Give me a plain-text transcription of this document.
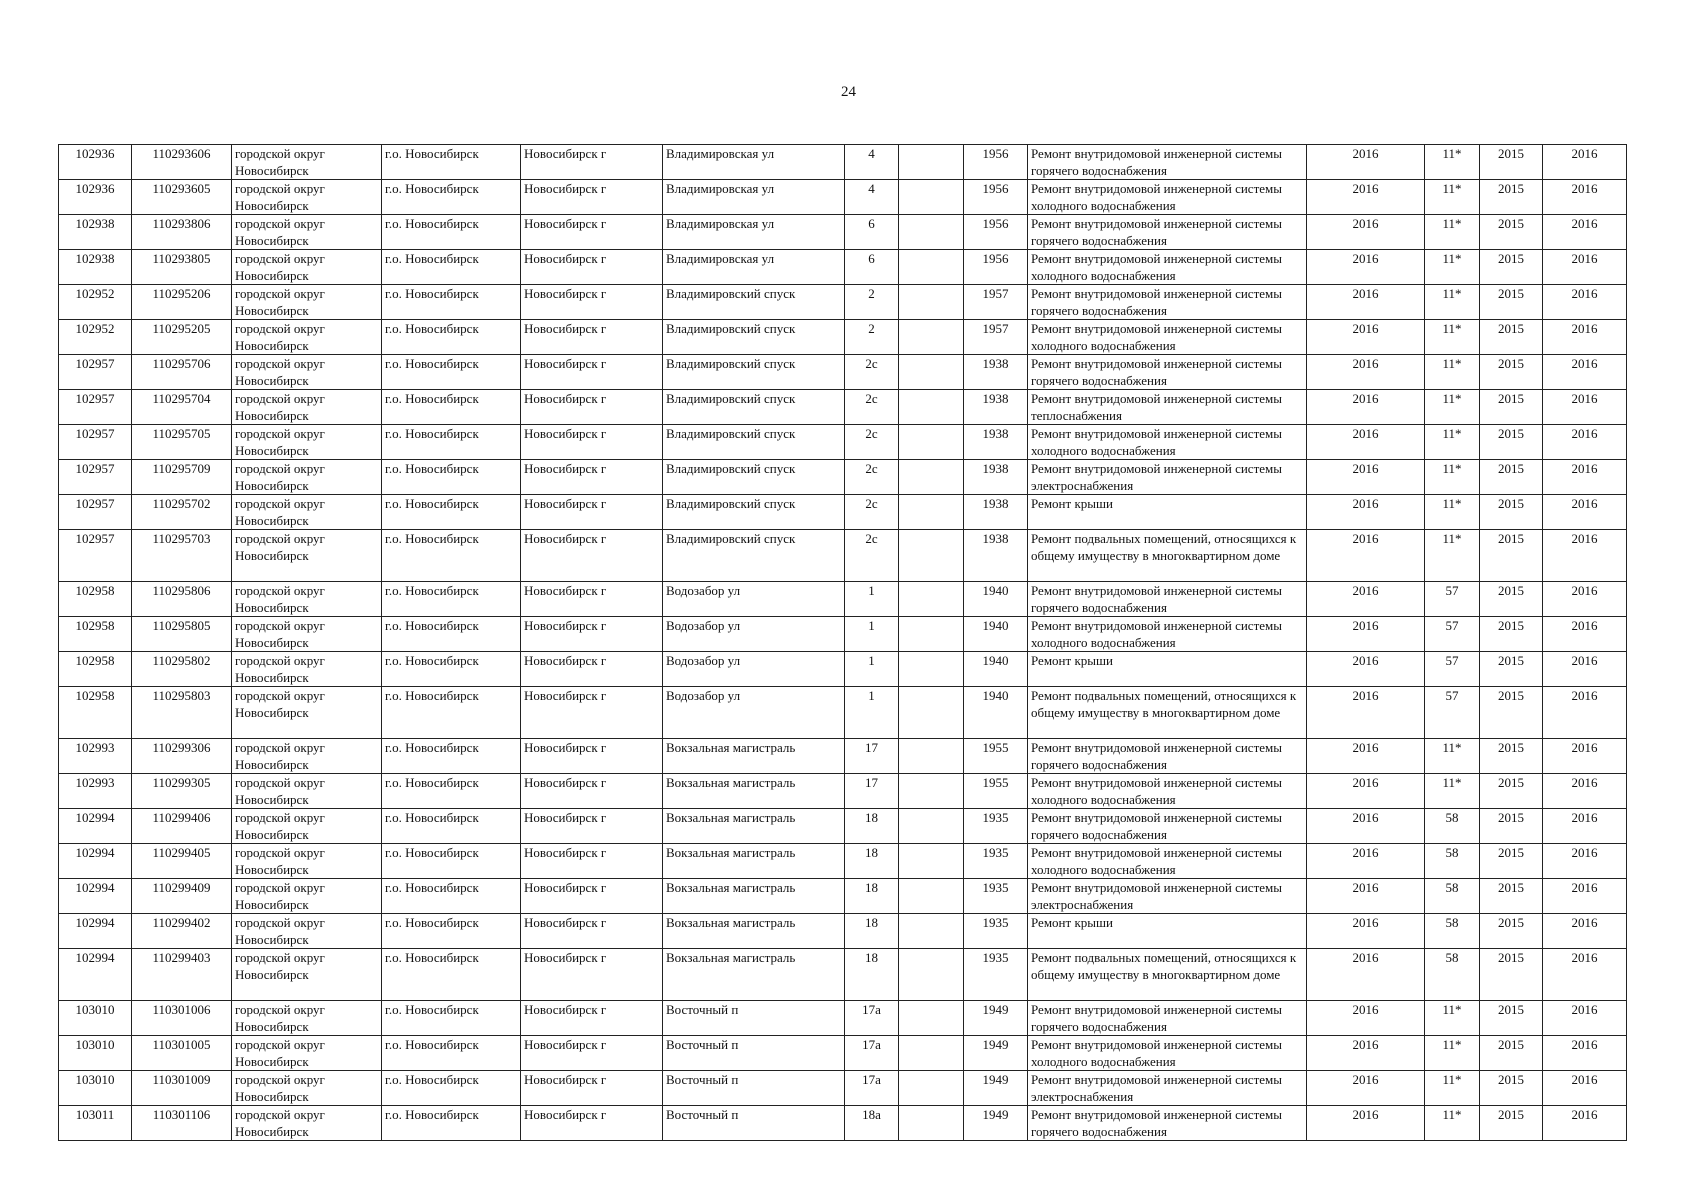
24
102936	110293606	городской округ Новосибирск	г.о. Новосибирск	Новосибирск г	Владимировская ул	4		1956	Ремонт внутридомовой инженерной системы горячего водоснабжения	2016	11*	2015	2016
102936	110293605	городской округ Новосибирск	г.о. Новосибирск	Новосибирск г	Владимировская ул	4		1956	Ремонт внутридомовой инженерной системы холодного водоснабжения	2016	11*	2015	2016
102938	110293806	городской округ Новосибирск	г.о. Новосибирск	Новосибирск г	Владимировская ул	6		1956	Ремонт внутридомовой инженерной системы горячего водоснабжения	2016	11*	2015	2016
102938	110293805	городской округ Новосибирск	г.о. Новосибирск	Новосибирск г	Владимировская ул	6		1956	Ремонт внутридомовой инженерной системы холодного водоснабжения	2016	11*	2015	2016
102952	110295206	городской округ Новосибирск	г.о. Новосибирск	Новосибирск г	Владимировский спуск	2		1957	Ремонт внутридомовой инженерной системы горячего водоснабжения	2016	11*	2015	2016
102952	110295205	городской округ Новосибирск	г.о. Новосибирск	Новосибирск г	Владимировский спуск	2		1957	Ремонт внутридомовой инженерной системы холодного водоснабжения	2016	11*	2015	2016
102957	110295706	городской округ Новосибирск	г.о. Новосибирск	Новосибирск г	Владимировский спуск	2с		1938	Ремонт внутридомовой инженерной системы горячего водоснабжения	2016	11*	2015	2016
102957	110295704	городской округ Новосибирск	г.о. Новосибирск	Новосибирск г	Владимировский спуск	2с		1938	Ремонт внутридомовой инженерной системы теплоснабжения	2016	11*	2015	2016
102957	110295705	городской округ Новосибирск	г.о. Новосибирск	Новосибирск г	Владимировский спуск	2с		1938	Ремонт внутридомовой инженерной системы холодного водоснабжения	2016	11*	2015	2016
102957	110295709	городской округ Новосибирск	г.о. Новосибирск	Новосибирск г	Владимировский спуск	2с		1938	Ремонт внутридомовой инженерной системы электроснабжения	2016	11*	2015	2016
102957	110295702	городской округ Новосибирск	г.о. Новосибирск	Новосибирск г	Владимировский спуск	2с		1938	Ремонт крыши	2016	11*	2015	2016
102957	110295703	городской округ Новосибирск	г.о. Новосибирск	Новосибирск г	Владимировский спуск	2с		1938	Ремонт подвальных помещений, относящихся к общему имуществу в многоквартирном доме	2016	11*	2015	2016
102958	110295806	городской округ Новосибирск	г.о. Новосибирск	Новосибирск г	Водозабор ул	1		1940	Ремонт внутридомовой инженерной системы горячего водоснабжения	2016	57	2015	2016
102958	110295805	городской округ Новосибирск	г.о. Новосибирск	Новосибирск г	Водозабор ул	1		1940	Ремонт внутридомовой инженерной системы холодного водоснабжения	2016	57	2015	2016
102958	110295802	городской округ Новосибирск	г.о. Новосибирск	Новосибирск г	Водозабор ул	1		1940	Ремонт крыши	2016	57	2015	2016
102958	110295803	городской округ Новосибирск	г.о. Новосибирск	Новосибирск г	Водозабор ул	1		1940	Ремонт подвальных помещений, относящихся к общему имуществу в многоквартирном доме	2016	57	2015	2016
102993	110299306	городской округ Новосибирск	г.о. Новосибирск	Новосибирск г	Вокзальная магистраль	17		1955	Ремонт внутридомовой инженерной системы горячего водоснабжения	2016	11*	2015	2016
102993	110299305	городской округ Новосибирск	г.о. Новосибирск	Новосибирск г	Вокзальная магистраль	17		1955	Ремонт внутридомовой инженерной системы холодного водоснабжения	2016	11*	2015	2016
102994	110299406	городской округ Новосибирск	г.о. Новосибирск	Новосибирск г	Вокзальная магистраль	18		1935	Ремонт внутридомовой инженерной системы горячего водоснабжения	2016	58	2015	2016
102994	110299405	городской округ Новосибирск	г.о. Новосибирск	Новосибирск г	Вокзальная магистраль	18		1935	Ремонт внутридомовой инженерной системы холодного водоснабжения	2016	58	2015	2016
102994	110299409	городской округ Новосибирск	г.о. Новосибирск	Новосибирск г	Вокзальная магистраль	18		1935	Ремонт внутридомовой инженерной системы электроснабжения	2016	58	2015	2016
102994	110299402	городской округ Новосибирск	г.о. Новосибирск	Новосибирск г	Вокзальная магистраль	18		1935	Ремонт крыши	2016	58	2015	2016
102994	110299403	городской округ Новосибирск	г.о. Новосибирск	Новосибирск г	Вокзальная магистраль	18		1935	Ремонт подвальных помещений, относящихся к общему имуществу в многоквартирном доме	2016	58	2015	2016
103010	110301006	городской округ Новосибирск	г.о. Новосибирск	Новосибирск г	Восточный п	17а		1949	Ремонт внутридомовой инженерной системы горячего водоснабжения	2016	11*	2015	2016
103010	110301005	городской округ Новосибирск	г.о. Новосибирск	Новосибирск г	Восточный п	17а		1949	Ремонт внутридомовой инженерной системы холодного водоснабжения	2016	11*	2015	2016
103010	110301009	городской округ Новосибирск	г.о. Новосибирск	Новосибирск г	Восточный п	17а		1949	Ремонт внутридомовой инженерной системы электроснабжения	2016	11*	2015	2016
103011	110301106	городской округ Новосибирск	г.о. Новосибирск	Новосибирск г	Восточный п	18а		1949	Ремонт внутридомовой инженерной системы горячего водоснабжения	2016	11*	2015	2016
